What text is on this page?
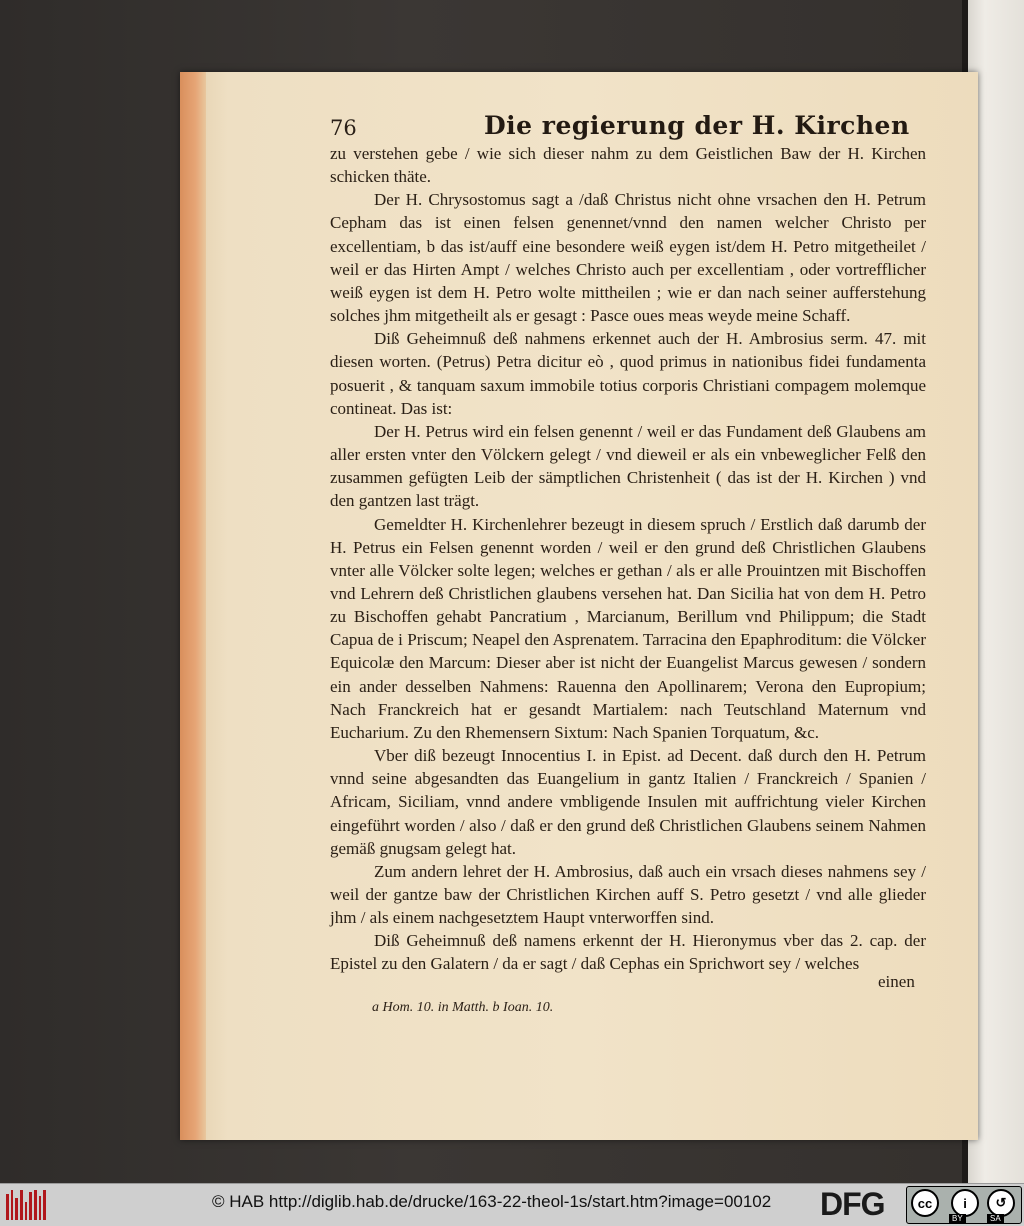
76	Die regierung der H. Kirchen

zu verstehen gebe / wie sich dieser nahm zu dem Geistlichen Baw der H. Kirchen schicken thäte.

Der H. Chrysostomus sagt a /daß Christus nicht ohne vrsachen den H. Petrum Cepham das ist einen felsen genennet/vnnd den namen welcher Christo per excellentiam, b das ist/auff eine besondere weiß eygen ist/dem H. Petro mitgetheilet / weil er das Hirten Ampt / welches Christo auch per excellentiam , oder vortrefflicher weiß eygen ist dem H. Petro wolte mittheilen ; wie er dan nach seiner aufferstehung solches jhm mitgetheilt als er gesagt : Pasce oues meas weyde meine Schaff.

Diß Geheimnuß deß nahmens erkennet auch der H. Ambrosius serm. 47. mit diesen worten. (Petrus) Petra dicitur eò , quod primus in nationibus fidei fundamenta posuerit , & tanquam saxum immobile totius corporis Christiani compagem molemque contineat. Das ist:

Der H. Petrus wird ein felsen genennt / weil er das Fundament deß Glaubens am aller ersten vnter den Völckern gelegt / vnd dieweil er als ein vnbeweglicher Felß den zusammen gefügten Leib der sämptlichen Christenheit ( das ist der H. Kirchen ) vnd den gantzen last trägt.

Gemeldter H. Kirchenlehrer bezeugt in diesem spruch / Erstlich daß darumb der H. Petrus ein Felsen genennt worden / weil er den grund deß Christlichen Glaubens vnter alle Völcker solte legen; welches er gethan / als er alle Prouintzen mit Bischoffen vnd Lehrern deß Christlichen glaubens versehen hat. Dan Sicilia hat von dem H. Petro zu Bischoffen gehabt Pancratium , Marcianum, Berillum vnd Philippum; die Stadt Capua de i Priscum; Neapel den Asprenatem. Tarracina den Epaphroditum: die Völcker Equicolæ den Marcum: Dieser aber ist nicht der Euangelist Marcus gewesen / sondern ein ander desselben Nahmens: Rauenna den Apollinarem; Verona den Eupropium; Nach Franckreich hat er gesandt Martialem: nach Teutschland Maternum vnd Eucharium. Zu den Rhemensern Sixtum: Nach Spanien Torquatum, &c.

Vber diß bezeugt Innocentius I. in Epist. ad Decent. daß durch den H. Petrum vnnd seine abgesandten das Euangelium in gantz Italien / Franckreich / Spanien / Africam, Siciliam, vnnd andere vmbligende Insulen mit auffrichtung vieler Kirchen eingeführt worden / also / daß er den grund deß Christlichen Glaubens seinem Nahmen gemäß gnugsam gelegt hat.

Zum andern lehret der H. Ambrosius, daß auch ein vrsach dieses nahmens sey / weil der gantze baw der Christlichen Kirchen auff S. Petro gesetzt / vnd alle glieder jhm / als einem nachgesetztem Haupt vnterworffen sind.

Diß Geheimnuß deß namens erkennt der H. Hieronymus vber das 2. cap. der Epistel zu den Galatern / da er sagt / daß Cephas ein Sprichwort sey / welches

einen
a Hom. 10. in Matth. b Ioan. 10.
© HAB http://diglib.hab.de/drucke/163-22-theol-1s/start.htm?image=00102 DFG	cc	i	↺
BY	SA
